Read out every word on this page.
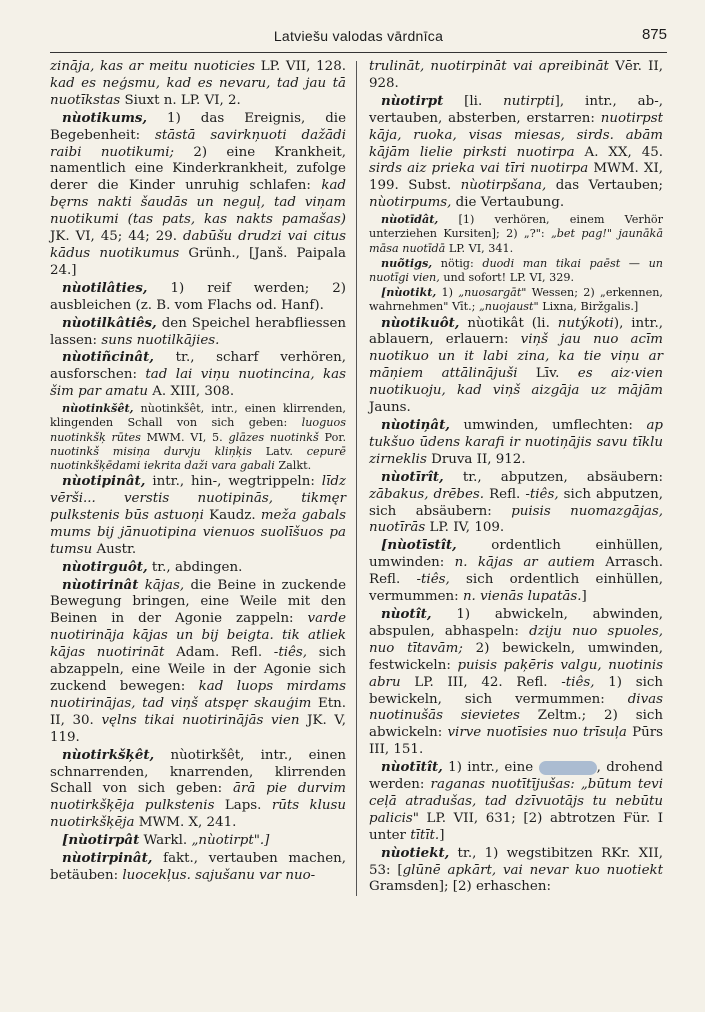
Latviešu valodas vārdnīca	875

zināja, kas ar meitu nuoticies LP. VII, 128. kad es neģsmu, kad es nevaru, tad jau tā nuotīkstas Siuxt n. LP. VI, 2.

nùotikums, 1) das Ereignis, die Begebenheit: stāstā savirkņuoti dažādi raibi nuotikumi; 2) eine Krankheit, namentlich eine Kinderkrankheit, zufolge derer die Kinder unruhig schlafen: kad bęrns nakti šaudās un neguļ, tad viņam nuotikumi (tas pats, kas nakts pamašas) JK. VI, 45; 44; 29. dabūšu drudzi vai citus kādus nuotikumus Grünh., [Janš. Paipala 24.]

nùotilâties, 1) reif werden; 2) ausbleichen (z. B. vom Flachs od. Hanf).

nùotilkâtiês, den Speichel herabfliessen lassen: suns nuotilkājies.

nùotiñcinât, tr., scharf verhören, ausforschen: tad lai viņu nuotincina, kas šim par amatu A. XIII, 308.

nùotinkšêt, nùotinkšêt, intr., einen klirrenden, klingenden Schall von sich geben: luoguos nuotinkšķ rūtes MWM. VI, 5. glāzes nuotinkš Por. nuotinkš misiņa durvju kliņķis Latv. cepurē nuotinkšķēdami iekrita daži vara gabali Zalkt.

nùotipinât, intr., hin-, wegtrippeln: līdz vērši... verstis nuotipinās, tikmęr pulkstenis būs astuoņi Kaudz. meža gabals mums bij jānuotipina vienuos suolīšuos pa tumsu Austr.

nùotirguôt, tr., abdingen.

nùotirinât kājas, die Beine in zuckende Bewegung bringen, eine Weile mit den Beinen in der Agonie zappeln: varde nuotirināja kājas un bij beigta. tik atliek kājas nuotirināt Adam. Refl. -tiês, sich abzappeln, eine Weile in der Agonie sich zuckend bewegen: kad luops mirdams nuotirinājas, tad viņš atspęr skauģim Etn. II, 30. vęlns tikai nuotirinājās vien JK. V, 119.

nùotirkšķêt, nùotirkšêt, intr., einen schnarrenden, knarrenden, klirrenden Schall von sich geben: ārā pie durvim nuotirkšķēja pulkstenis Laps. rūts klusu nuotirkšķēja MWM. X, 241.

[nùotirpât Warkl. „nùotirpt".]

nùotirpinât, fakt., vertauben machen, betäuben: luocekļus. sajušanu var nuo-

trulināt, nuotirpināt vai apreibināt Vēr. II, 928.

nùotirpt [li. nutirpti], intr., ab-, vertauben, absterben, erstarren: nuotirpst kāja, ruoka, visas miesas, sirds. abām kājām lielie pirksti nuotirpa A. XX, 45. sirds aiz prieka vai tīri nuotirpa MWM. XI, 199. Subst. nùotirpšana, das Vertauben; nùotirpums, die Vertaubung.

nùotīdât, [1) verhören, einem Verhör unterziehen Kursiten]; 2) „?": „bet pag!" jaunākā māsa nuotīdā LP. VI, 341.

nuõtigs, nötig: duodi man tikai paēst — un nuotīgi vien, und sofort! LP. VI, 329.

[nùotikt, 1) „nuosargāt" Wessen; 2) „erkennen, wahrnehmen" Vīt.; „nuojaust" Lixna, Biržgalis.]

nùotikuôt, nùotikât (li. nutýkoti), intr., ablauern, erlauern: viņš jau nuo acīm nuotikuo un it labi zina, ka tie viņu ar māņiem attālinājuši Līv. es aiz·vien nuotikuoju, kad viņš aizgāja uz mājām Jauns.

nùotiņât, umwinden, umflechten: ap tukšuo ūdens karafi ir nuotiņājis savu tīklu zirneklis Druva II, 912.

nùotīrît, tr., abputzen, absäubern: zābakus, drēbes. Refl. -tiês, sich abputzen, sich absäubern: puisis nuomazgājas, nuotīrās LP. IV, 109.

[nùotīstît, ordentlich einhüllen, umwinden: n. kājas ar autiem Arrasch. Refl. -tiês, sich ordentlich einhüllen, vermummen: n. vienās lupatās.]

nùotît, 1) abwickeln, abwinden, abspulen, abhaspeln: dziju nuo spuoles, nuo tītavām; 2) bewickeln, umwinden, festwickeln: puisis paķēris valgu, nuotinis abru LP. III, 42. Refl. -tiês, 1) sich bewickeln, sich vermummen: divas nuotinušās sievietes Zeltm.; 2) sich abwickeln: virve nuotīsies nuo trīsuļa Pūrs III, 151.

nùotītît, 1) intr., eine	, drohend werden: raganas nuotītījušas: „būtum tevi ceļā atradušas, tad dzīvuotājs tu nebūtu palicis" LP. VII, 631; [2) abtrotzen Für. I unter tītīt.]

nùotiekt, tr., 1) wegstibitzen RKr. XII, 53: [glūnē apkārt, vai nevar kuo nuotiekt Gramsden]; [2) erhaschen:
